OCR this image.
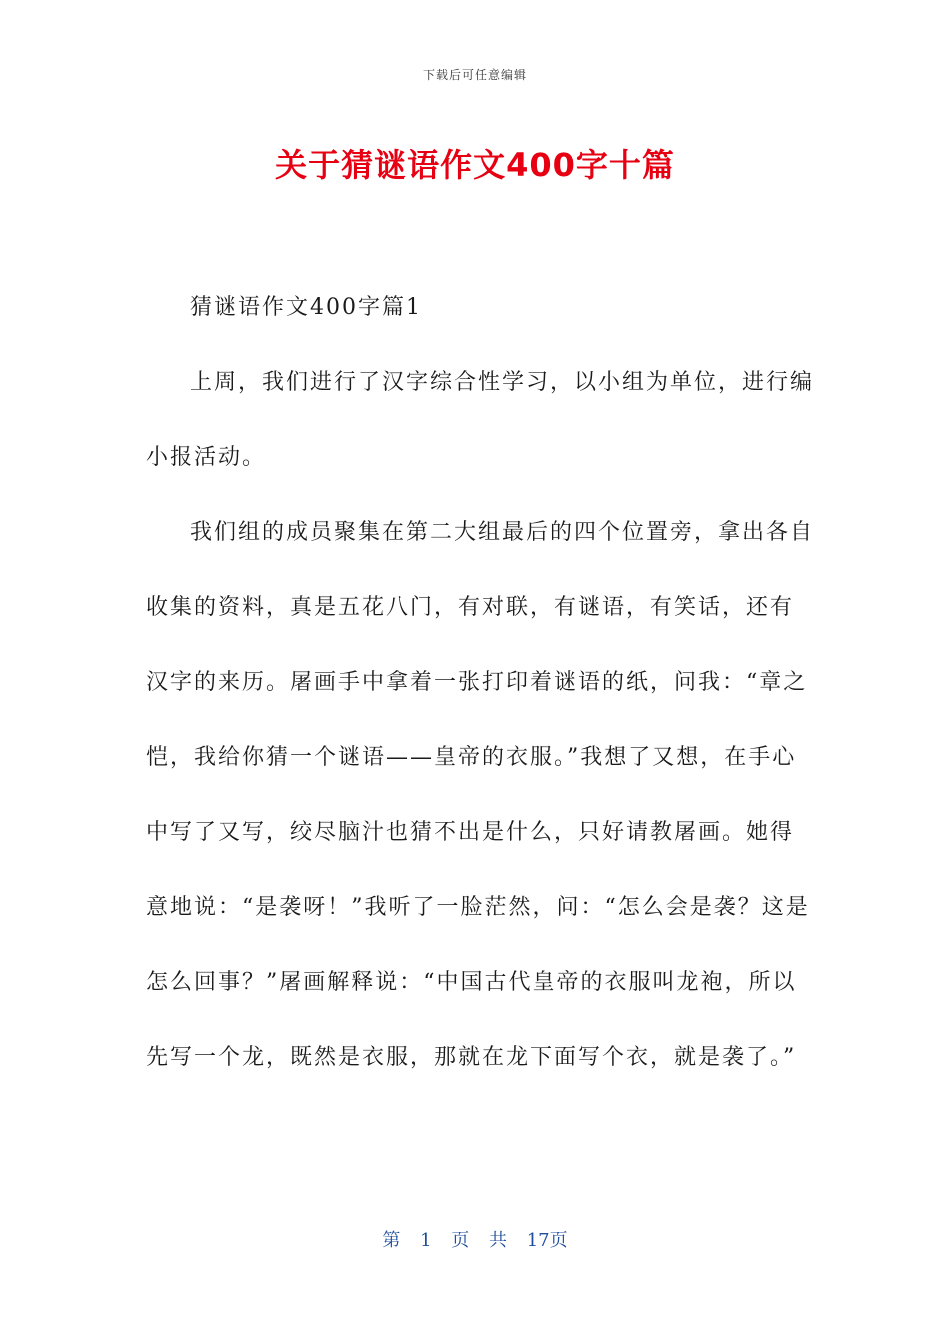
下载后可任意编辑
关于猜谜语作文400字十篇

猜谜语作文400字篇1

上周，我们进行了汉字综合性学习，以小组为单位，进行编小报活动。

我们组的成员聚集在第二大组最后的四个位置旁，拿出各自收集的资料，真是五花八门，有对联，有谜语，有笑话，还有汉字的来历。屠画手中拿着一张打印着谜语的纸，问我：“章之恺，我给你猜一个谜语——皇帝的衣服。”我想了又想，在手心中写了又写，绞尽脑汁也猜不出是什么，只好请教屠画。她得意地说：“是袭呀！”我听了一脸茫然，问：“怎么会是袭？这是怎么回事？”屠画解释说：“中国古代皇帝的衣服叫龙袍，所以先写一个龙，既然是衣服，那就在龙下面写个衣，就是袭了。”

第 1 页 共 17页
